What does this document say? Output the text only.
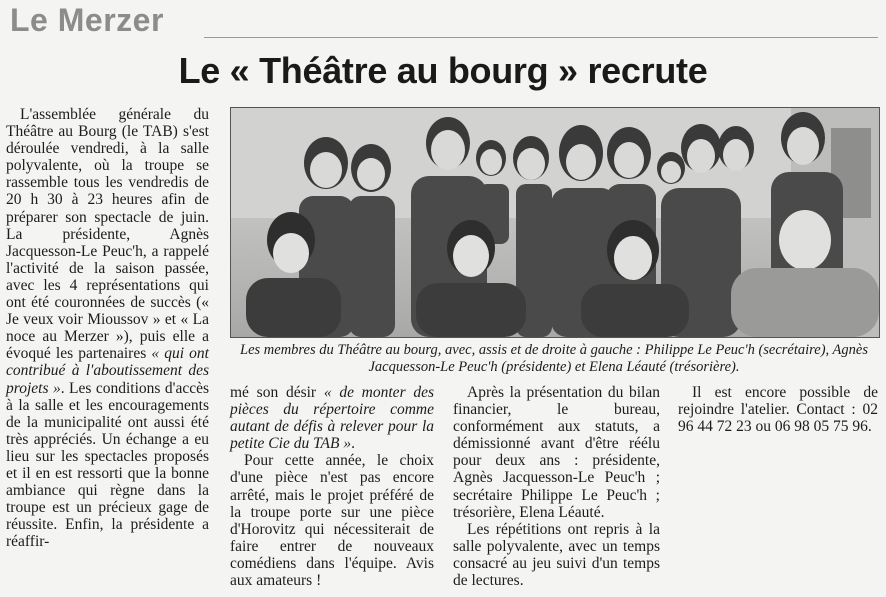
Le Merzer
Le « Théâtre au bourg » recrute

L'assemblée générale du Théâtre au Bourg (le TAB) s'est déroulée vendredi, à la salle polyvalente, où la troupe se rassemble tous les vendredis de 20 h 30 à 23 heures afin de préparer son spectacle de juin. La présidente, Agnès Jacquesson-Le Peuc'h, a rappelé l'activité de la saison passée, avec les 4 représentations qui ont été couronnées de succès (« Je veux voir Mioussov » et « La noce au Merzer »), puis elle a évoqué les partenaires « qui ont contribué à l'aboutissement des projets ». Les conditions d'accès à la salle et les encouragements de la municipalité ont aussi été très appréciés. Un échange a eu lieu sur les spectacles proposés et il en est ressorti que la bonne ambiance qui règne dans la troupe est un précieux gage de réussite. Enfin, la présidente a réaffir-

Les membres du Théâtre au bourg, avec, assis et de droite à gauche : Philippe Le Peuc'h (secrétaire), Agnès Jacquesson-Le Peuc'h (présidente) et Elena Léauté (trésorière).

mé son désir « de monter des pièces du répertoire comme autant de défis à relever pour la petite Cie du TAB ».

Pour cette année, le choix d'une pièce n'est pas encore arrêté, mais le projet préféré de la troupe porte sur une pièce d'Horovitz qui nécessiterait de faire entrer de nouveaux comédiens dans l'équipe. Avis aux amateurs !

Après la présentation du bilan financier, le bureau, conformément aux statuts, a démissionné avant d'être réélu pour deux ans : présidente, Agnès Jacquesson-Le Peuc'h ; secrétaire Philippe Le Peuc'h ; trésorière, Elena Léauté.

Les répétitions ont repris à la salle polyvalente, avec un temps consacré au jeu suivi d'un temps de lectures.

Il est encore possible de rejoindre l'atelier. Contact : 02 96 44 72 23 ou 06 98 05 75 96.
